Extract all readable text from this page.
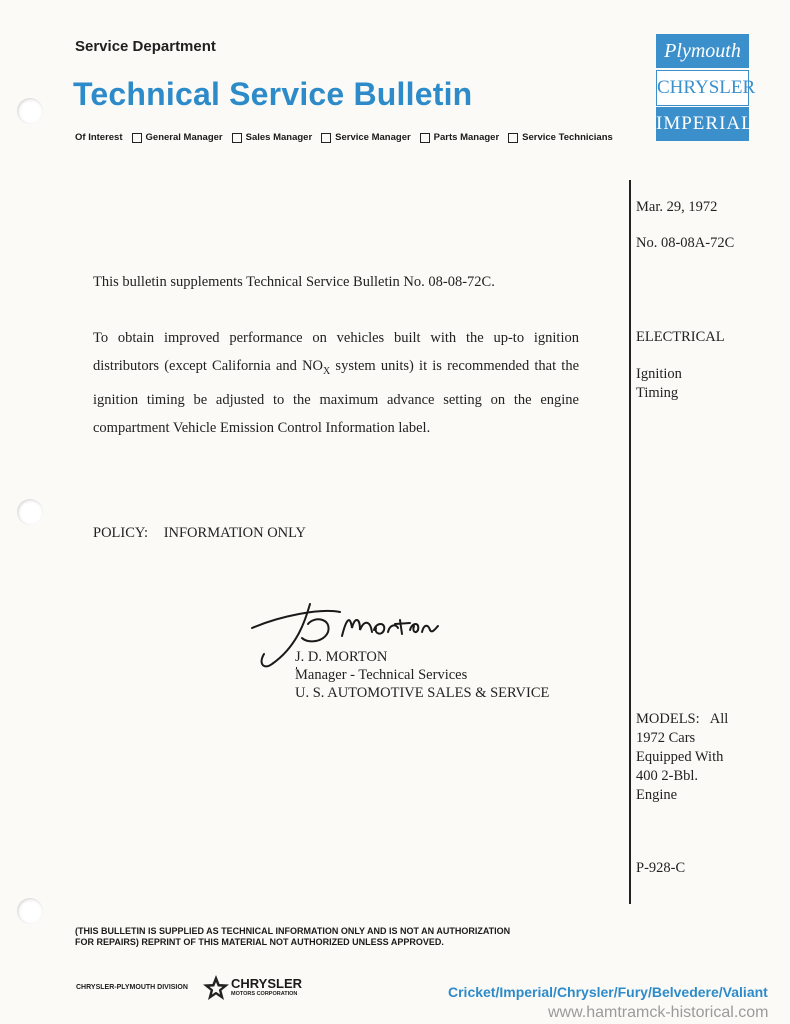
Service Department
Technical Service Bulletin
Of Interest General Manager Sales Manager Service Manager Parts Manager Service Technicians
Plymouth
CHRYSLER
IMPERIAL
Mar. 29, 1972
No. 08-08A-72C
ELECTRICAL
Ignition
Timing
MODELS:   All
1972 Cars
Equipped With
400 2-Bbl.
Engine
P-928-C
This bulletin supplements Technical Service Bulletin No. 08-08-72C.
To obtain improved performance on vehicles built with the up-to ignition distributors (except California and $NO_X$ system units) it is recommended that the ignition timing be adjusted to the maximum advance setting on the engine compartment Vehicle Emission Control Information label.
POLICY: INFORMATION ONLY
J. D. MORTON
Manager - Technical Services
U. S. AUTOMOTIVE SALES & SERVICE
(THIS BULLETIN IS SUPPLIED AS TECHNICAL INFORMATION ONLY AND IS NOT AN AUTHORIZATION
FOR REPAIRS) REPRINT OF THIS MATERIAL NOT AUTHORIZED UNLESS APPROVED.
CHRYSLER-PLYMOUTH DIVISION	CHRYSLER
MOTORS CORPORATION	Cricket/Imperial/Chrysler/Fury/Belvedere/Valiant
www.hamtramck-historical.com
